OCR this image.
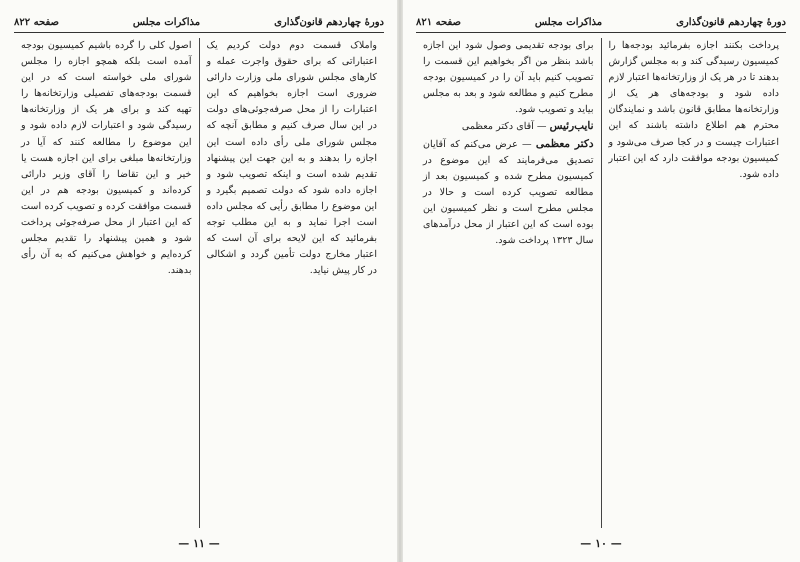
دورهٔ چهاردهم قانون‌گذاری
مذاکرات مجلس
صفحه ۸۲۲
واملاک قسمت دوم دولت کردیم یک اعتباراتی که برای حقوق واجرت عمله و کارهای مجلس شورای ملی وزارت دارائی ضروری است اجازه بخواهیم که این اعتبارات را از محل صرفه‌جوئی‌های دولت در این سال صرف کنیم و مطابق آنچه که مجلس شورای ملی رأی داده است این اجازه را بدهند و به این جهت این پیشنهاد تقدیم شده است و اینکه تصویب شود و اجازه داده شود که دولت تصمیم بگیرد و این موضوع را مطابق رأیی که مجلس داده است اجرا نماید و به این مطلب توجه بفرمائید که این لایحه برای آن است که اعتبار مخارج دولت تأمین گردد و اشکالی در کار پیش نیاید.
اصول کلی را گرده باشیم کمیسیون بودجه آمده است بلکه همچو اجازه را مجلس شورای ملی خواسته است که در این قسمت بودجه‌های تفصیلی وزارتخانه‌ها را تهیه کند و برای هر یک از وزارتخانه‌ها رسیدگی شود و اعتبارات لازم داده شود و این موضوع را مطالعه کنند که آیا در وزارتخانه‌ها مبلغی برای این اجازه هست یا خیر و این تقاضا را آقای وزیر دارائی کرده‌اند و کمیسیون بودجه هم در این قسمت موافقت کرده و تصویب کرده است که این اعتبار از محل صرفه‌جوئی پرداخت شود و همین پیشنهاد را تقدیم مجلس کرده‌ایم و خواهش می‌کنیم که به آن رأی بدهند.
— ۱۱ —
دورهٔ چهاردهم قانون‌گذاری
مذاکرات مجلس
صفحه ۸۲۱
پرداخت بکنند اجازه بفرمائید بودجه‌ها را کمیسیون رسیدگی کند و به مجلس گزارش بدهند تا در هر یک از وزارتخانه‌ها اعتبار لازم داده شود و بودجه‌های هر یک از وزارتخانه‌ها مطابق قانون باشد و نمایندگان محترم هم اطلاع داشته باشند که این اعتبارات چیست و در کجا صرف می‌شود و کمیسیون بودجه موافقت دارد که این اعتبار داده شود.
برای بودجه تقدیمی وصول شود این اجازه باشد بنظر من اگر بخواهیم این قسمت را تصویب کنیم باید آن را در کمیسیون بودجه مطرح کنیم و مطالعه شود و بعد به مجلس بیاید و تصویب شود.
نایب‌رئیس — آقای دکتر معظمی
دکتر معظمی — عرض می‌کنم که آقایان تصدیق می‌فرمایند که این موضوع در کمیسیون مطرح شده و کمیسیون بعد از مطالعه تصویب کرده است و حالا در مجلس مطرح است و نظر کمیسیون این بوده است که این اعتبار از محل درآمدهای سال ۱۳۲۳ پرداخت شود.
— ۱۰ —
